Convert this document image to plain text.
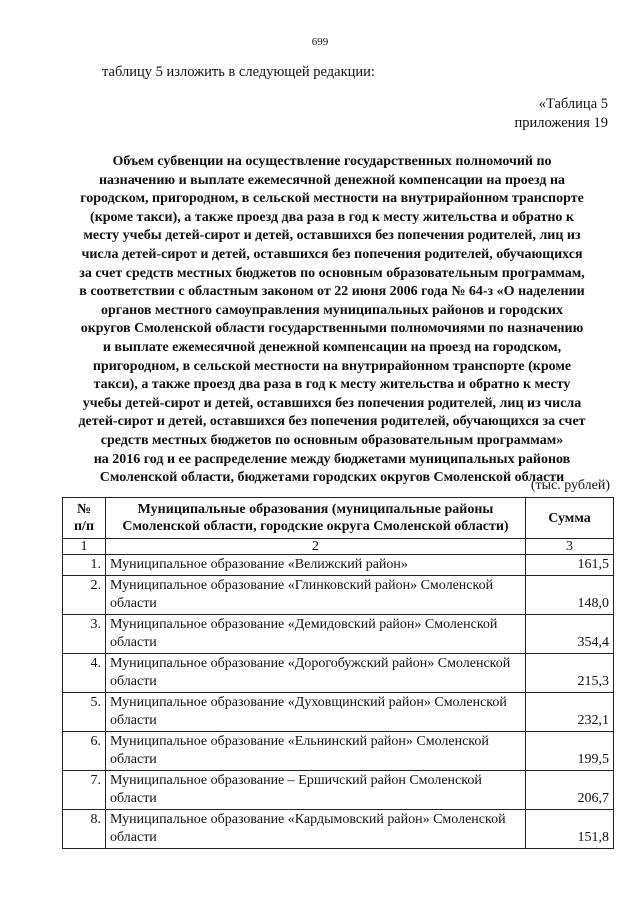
699
таблицу 5 изложить в следующей редакции:
«Таблица 5
приложения 19
Объем субвенции на осуществление государственных полномочий по
назначению и выплате ежемесячной денежной компенсации на проезд на
городском, пригородном, в сельской местности на внутрирайонном транспорте
(кроме такси), а также проезд два раза в год к месту жительства и обратно к
месту учебы детей-сирот и детей, оставшихся без попечения родителей, лиц из
числа детей-сирот и детей, оставшихся без попечения родителей, обучающихся
за счет средств местных бюджетов по основным образовательным программам,
в соответствии с областным законом от 22 июня 2006 года № 64-з «О наделении
органов местного самоуправления муниципальных районов и городских
округов Смоленской области государственными полномочиями по назначению
и выплате ежемесячной денежной компенсации на проезд на городском,
пригородном, в сельской местности на внутрирайонном транспорте (кроме
такси), а также проезд два раза в год к месту жительства и обратно к месту
учебы детей-сирот и детей, оставшихся без попечения родителей, лиц из числа
детей-сирот и детей, оставшихся без попечения родителей, обучающихся за счет
средств местных бюджетов по основным образовательным программам»
на 2016 год и ее распределение между бюджетами муниципальных районов
Смоленской области, бюджетами городских округов Смоленской области
(тыс. рублей)
№
п/п	Муниципальные образования (муниципальные районы Смоленской области, городские округа Смоленской области)	Сумма
1	2	3
1.	Муниципальное образование «Велижский район»	161,5
2.	Муниципальное образование «Глинковский район» Смоленской области	148,0
3.	Муниципальное образование «Демидовский район» Смоленской области	354,4
4.	Муниципальное образование «Дорогобужский район» Смоленской области	215,3
5.	Муниципальное образование «Духовщинский район» Смоленской области	232,1
6.	Муниципальное образование «Ельнинский район» Смоленской области	199,5
7.	Муниципальное образование – Ершичский район Смоленской области	206,7
8.	Муниципальное образование «Кардымовский район» Смоленской области	151,8
